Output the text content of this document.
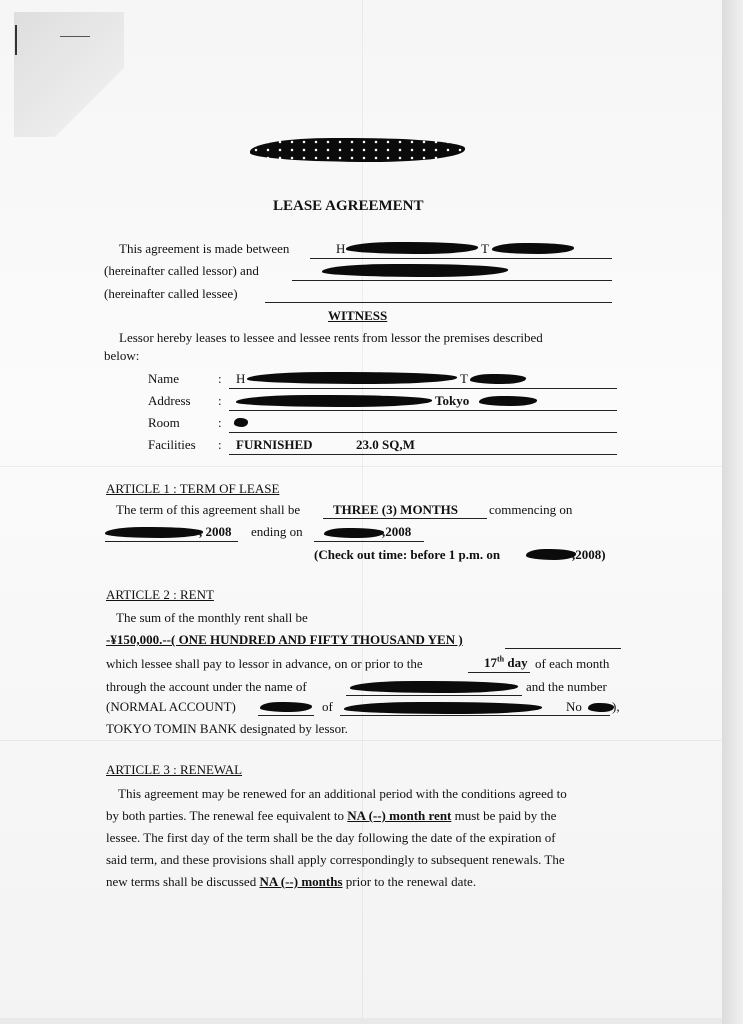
LEASE AGREEMENT
This agreement is made between	H	T
(hereinafter called lessor) and
(hereinafter called lessee)
WITNESS
Lessor hereby leases to lessee and lessee rents from lessor the premises described
below:
Name	: H	T
Address :	Tokyo
Room	:
Facilities : FURNISHED	23.0 SQ,M
ARTICLE 1 : TERM OF LEASE
The term of this agreement shall be	THREE (3) MONTHS commencing on
, 2008 ending on	,2008
(Check out time: before 1 p.m. on	,2008)
ARTICLE 2 : RENT
The sum of the monthly rent shall be
-¥150,000.--( ONE HUNDRED AND FIFTY THOUSAND YEN )
which lessee shall pay to lessor in advance, on or prior to the	17th day of each month
through the account under the name of	and the number
(NORMAL ACCOUNT)	of	No ),
TOKYO TOMIN BANK designated by lessor.
ARTICLE 3 : RENEWAL
This agreement may be renewed for an additional period with the conditions agreed to
by both parties. The renewal fee equivalent to NA (--) month rent must be paid by the
lessee. The first day of the term shall be the day following the date of the expiration of
said term, and these provisions shall apply correspondingly to subsequent renewals. The
new terms shall be discussed NA (--) months prior to the renewal date.
